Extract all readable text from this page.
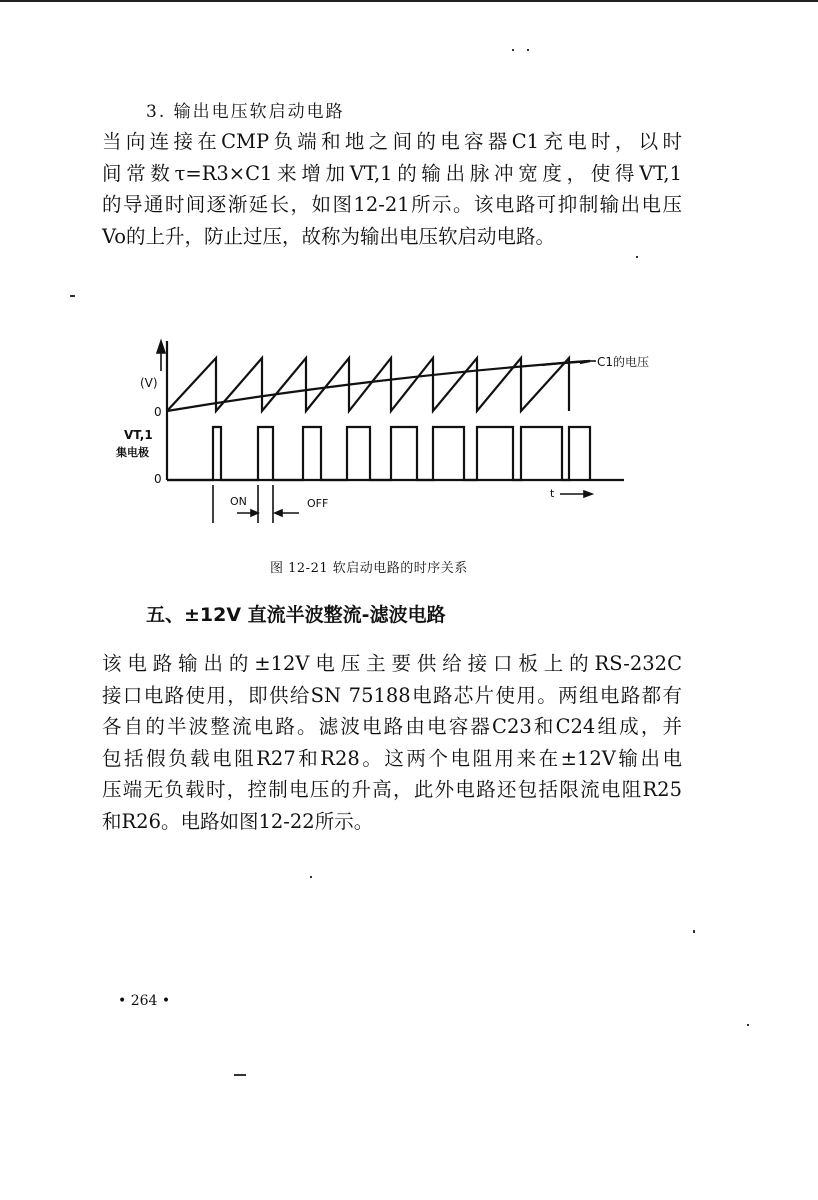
3. 输出电压软启动电路
当向连接在CMP负端和地之间的电容器C1充电时，以时
间常数τ=R3×C1来增加VT,1的输出脉冲宽度，使得VT,1
的导通时间逐渐延长，如图12-21所示。该电路可抑制输出电压
Vo的上升，防止过压，故称为输出电压软启动电路。
(V)
0
VT,1
集电极
0
C1的电压
ON	OFF
t
图 12-21 软启动电路的时序关系
五、±12V 直流半波整流-滤波电路
该电路输出的±12V电压主要供给接口板上的RS-232C
接口电路使用，即供给SN 75188电路芯片使用。两组电路都有
各自的半波整流电路。滤波电路由电容器C23和C24组成，并
包括假负载电阻R27和R28。这两个电阻用来在±12V输出电
压端无负载时，控制电压的升高，此外电路还包括限流电阻R25
和R26。电路如图12-22所示。
• 264 •
